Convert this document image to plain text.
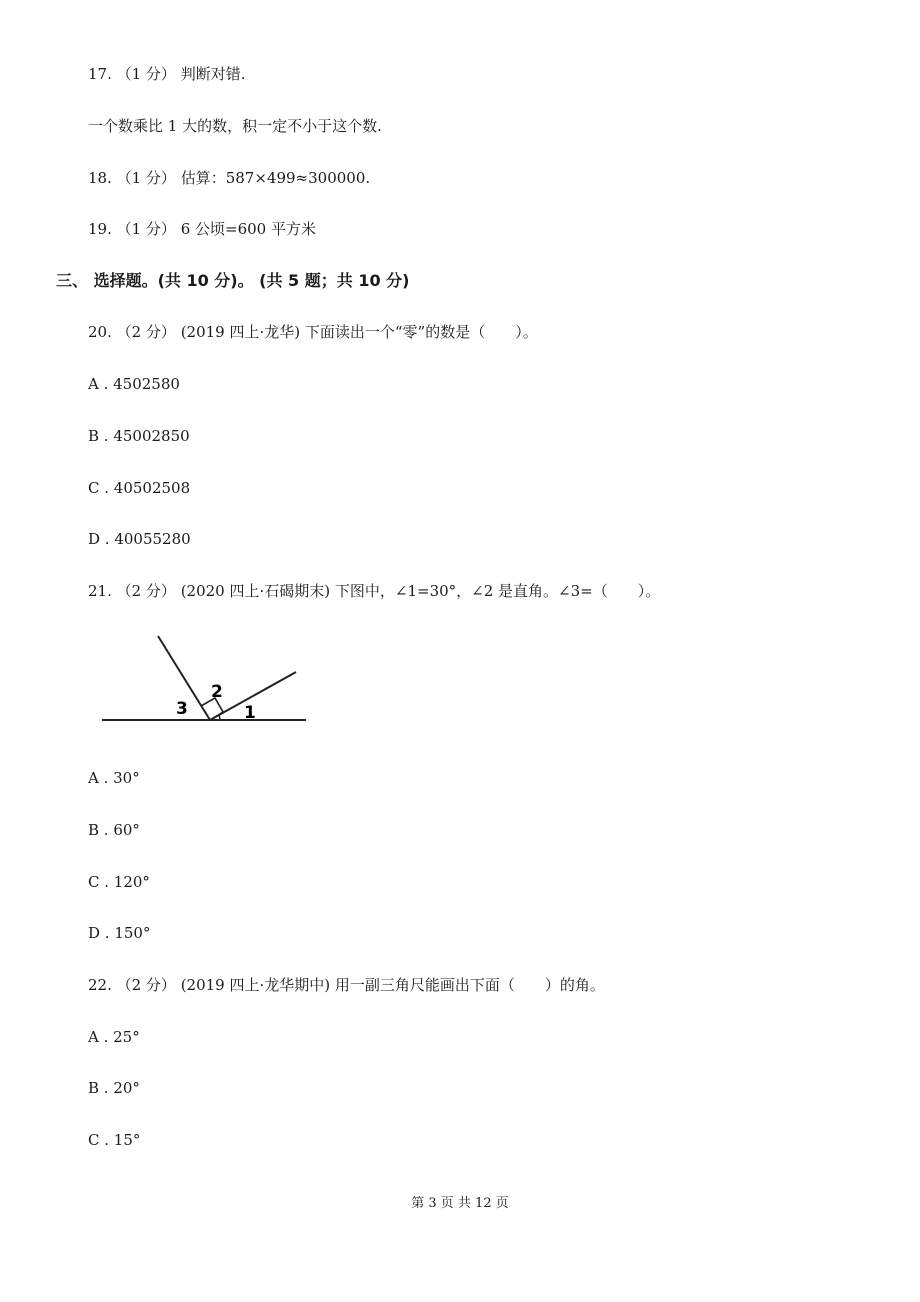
17. （1 分） 判断对错.
一个数乘比 1 大的数，积一定不小于这个数.
18. （1 分） 估算：587×499≈300000.
19. （1 分） 6 公顷=600 平方米
三、 选择题。(共 10 分)。 (共 5 题；共 10 分)
20. （2 分） (2019 四上·龙华) 下面读出一个“零”的数是（　　）。
A . 4502580
B . 45002850
C . 40502508
D . 40055280
21. （2 分） (2020 四上·石碣期末) 下图中，∠1=30°，∠2 是直角。∠3=（　　）。
1
2
3
A . 30°
B . 60°
C . 120°
D . 150°
22. （2 分） (2019 四上·龙华期中) 用一副三角尺能画出下面（　　）的角。
A . 25°
B . 20°
C . 15°
第 3 页 共 12 页
